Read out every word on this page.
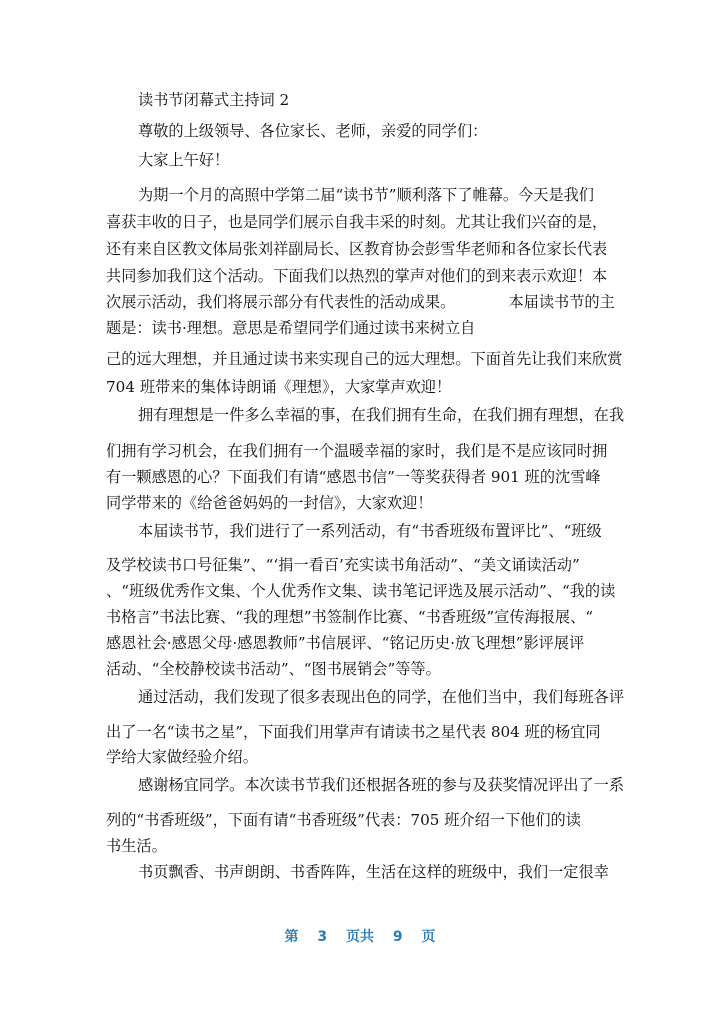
读书节闭幕式主持词 2

尊敬的上级领导、各位家长、老师，亲爱的同学们：

大家上午好！

为期一个月的高照中学第二届“读书节”顺利落下了帷幕。今天是我们

喜获丰收的日子，也是同学们展示自我丰采的时刻。尤其让我们兴奋的是，

还有来自区教文体局张刘祥副局长、区教育协会彭雪华老师和各位家长代表

共同参加我们这个活动。下面我们以热烈的掌声对他们的到来表示欢迎！本

次展示活动，我们将展示部分有代表性的活动成果。　　　　本届读书节的主

题是：读书·理想。意思是希望同学们通过读书来树立自

己的远大理想，并且通过读书来实现自己的远大理想。下面首先让我们来欣赏

704 班带来的集体诗朗诵《理想》，大家掌声欢迎！

拥有理想是一件多么幸福的事，在我们拥有生命，在我们拥有理想，在我

们拥有学习机会，在我们拥有一个温暖幸福的家时，我们是不是应该同时拥

有一颗感恩的心？下面我们有请“感恩书信”一等奖获得者 901 班的沈雪峰

同学带来的《给爸爸妈妈的一封信》，大家欢迎！

本届读书节，我们进行了一系列活动，有“书香班级布置评比”、“班级

及学校读书口号征集”、“‘捐一看百’充实读书角活动”、“美文诵读活动”

、“班级优秀作文集、个人优秀作文集、读书笔记评选及展示活动”、“我的读

书格言”书法比赛、“我的理想”书签制作比赛、“书香班级”宣传海报展、“

感恩社会·感恩父母·感恩教师”书信展评、“铭记历史·放飞理想”影评展评

活动、“全校静校读书活动”、“图书展销会”等等。

通过活动，我们发现了很多表现出色的同学，在他们当中，我们每班各评

出了一名“读书之星”，下面我们用掌声有请读书之星代表 804 班的杨宜同

学给大家做经验介绍。

感谢杨宜同学。本次读书节我们还根据各班的参与及获奖情况评出了一系

列的“书香班级”，下面有请“书香班级”代表：705 班介绍一下他们的读

书生活。

书页飘香、书声朗朗、书香阵阵，生活在这样的班级中，我们一定很幸

第 3 页共 9 页
